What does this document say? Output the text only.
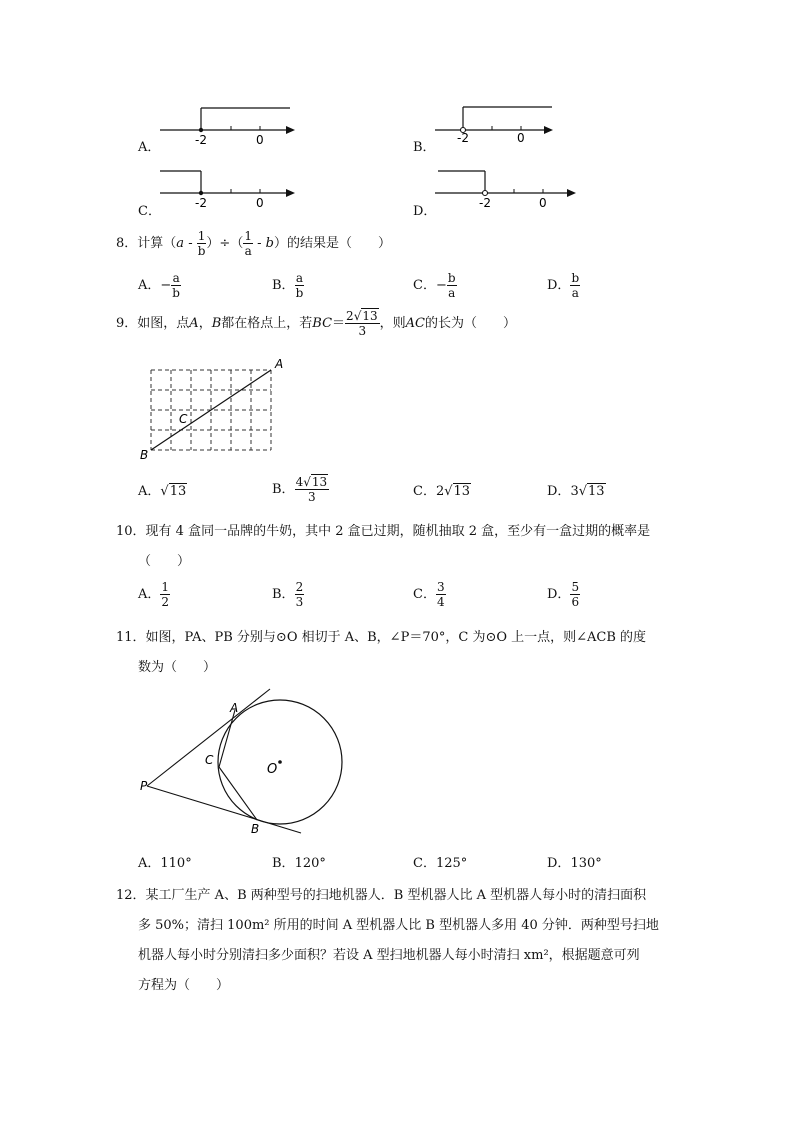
A．	-2	0	B．
-2	0
C．
-2	0
D．
-2	0
8．计算（$a - \frac{1}{b}$ ）÷（ $\frac{1}{a} - b$）的结果是（　　）
A．− $\frac{a}{b}$	B． $\frac{a}{b}$	C．− $\frac{b}{a}$	D． $\frac{b}{a}$
9．如图，点A，B都在格点上，若$BC= \frac{2√13}{3}$ ，则AC的长为（　　）
A
B
C
A．√13	B． $\frac{4√13}{3}$	C．2√13	D．3√13
10．现有 4 盒同一品牌的牛奶，其中 2 盒已过期，随机抽取 2 盒，至少有一盒过期的概率是
（　　）
A． $\frac{1}{2}$	B． $\frac{2}{3}$	C． $\frac{3}{4}$	D． $\frac{5}{6}$
11．如图，PA、PB 分别与⊙O 相切于 A、B，∠P＝70°，C 为⊙O 上一点，则∠ACB 的度
数为（　　）
A
B
C
O
P
A．110°	B．120°	C．125°	D．130°
12．某工厂生产 A、B 两种型号的扫地机器人．B 型机器人比 A 型机器人每小时的清扫面积
多 50%；清扫 100m² 所用的时间 A 型机器人比 B 型机器人多用 40 分钟．两种型号扫地
机器人每小时分别清扫多少面积？若设 A 型扫地机器人每小时清扫 xm²，根据题意可列
方程为（　　）
